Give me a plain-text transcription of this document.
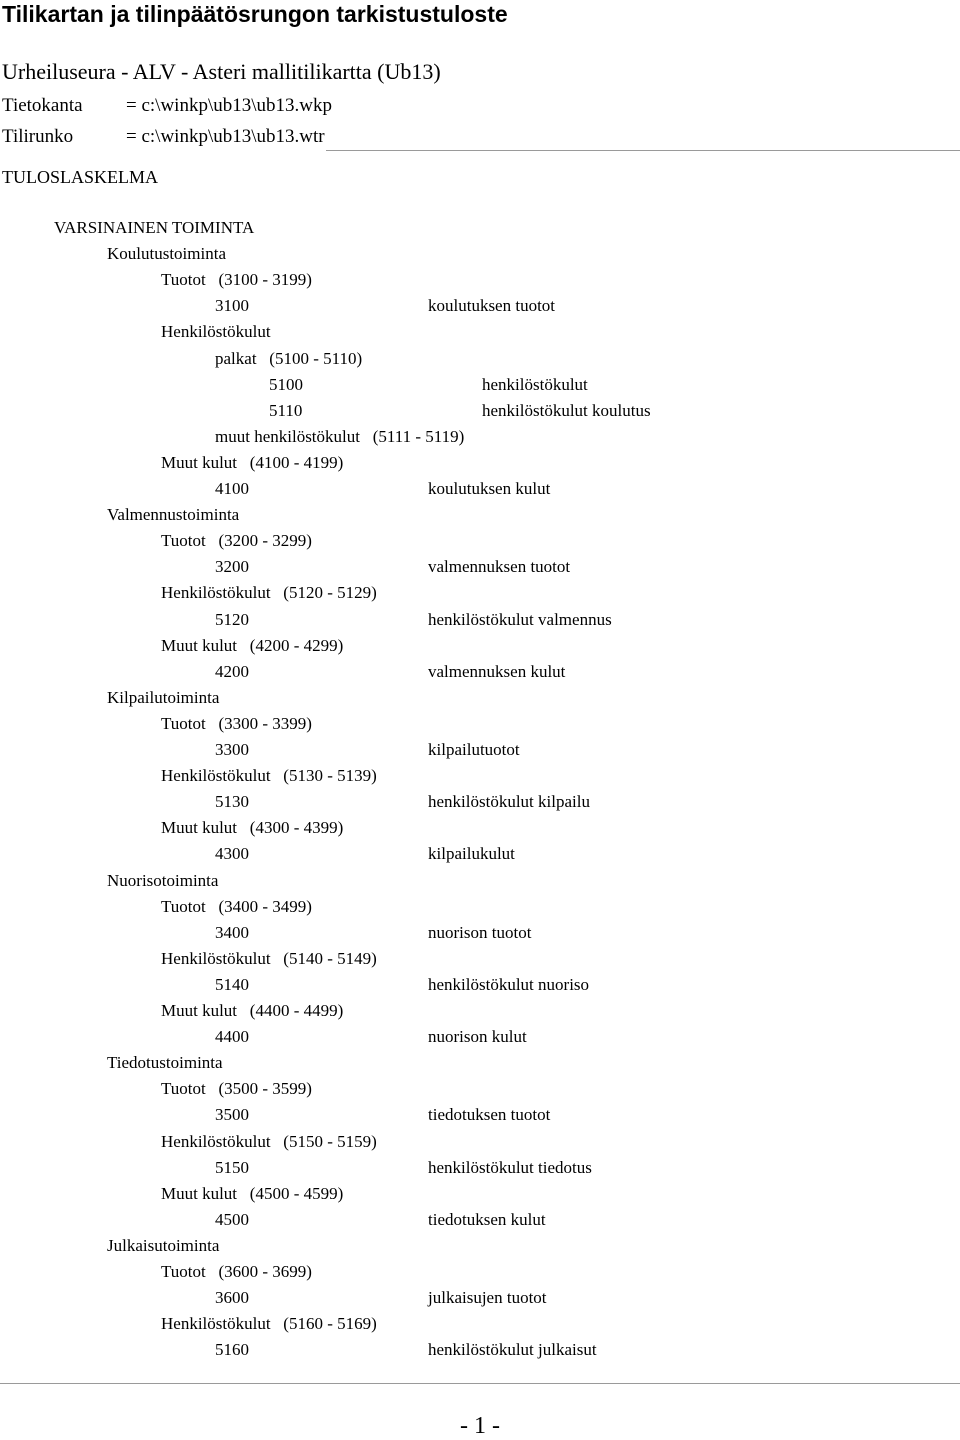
Tilikartan ja tilinpäätösrungon tarkistustuloste
Urheiluseura - ALV - Asteri mallitilikartta (Ub13)
Tietokanta = c:\winkp\ub13\ub13.wkp
Tilirunko	= c:\winkp\ub13\ub13.wtr
TULOSLASKELMA
VARSINAINEN TOIMINTA
Koulutustoiminta
Tuotot   (3100 - 3199)
3100	koulutuksen tuotot
Henkilöstökulut
palkat   (5100 - 5110)
5100	henkilöstökulut
5110	henkilöstökulut koulutus
muut henkilöstökulut   (5111 - 5119)
Muut kulut   (4100 - 4199)
4100	koulutuksen kulut
Valmennustoiminta
Tuotot   (3200 - 3299)
3200	valmennuksen tuotot
Henkilöstökulut   (5120 - 5129)
5120	henkilöstökulut valmennus
Muut kulut   (4200 - 4299)
4200	valmennuksen kulut
Kilpailutoiminta
Tuotot   (3300 - 3399)
3300	kilpailutuotot
Henkilöstökulut   (5130 - 5139)
5130	henkilöstökulut kilpailu
Muut kulut   (4300 - 4399)
4300	kilpailukulut
Nuorisotoiminta
Tuotot   (3400 - 3499)
3400	nuorison tuotot
Henkilöstökulut   (5140 - 5149)
5140	henkilöstökulut nuoriso
Muut kulut   (4400 - 4499)
4400	nuorison kulut
Tiedotustoiminta
Tuotot   (3500 - 3599)
3500	tiedotuksen tuotot
Henkilöstökulut   (5150 - 5159)
5150	henkilöstökulut tiedotus
Muut kulut   (4500 - 4599)
4500	tiedotuksen kulut
Julkaisutoiminta
Tuotot   (3600 - 3699)
3600	julkaisujen tuotot
Henkilöstökulut   (5160 - 5169)
5160	henkilöstökulut julkaisut
- 1 -
